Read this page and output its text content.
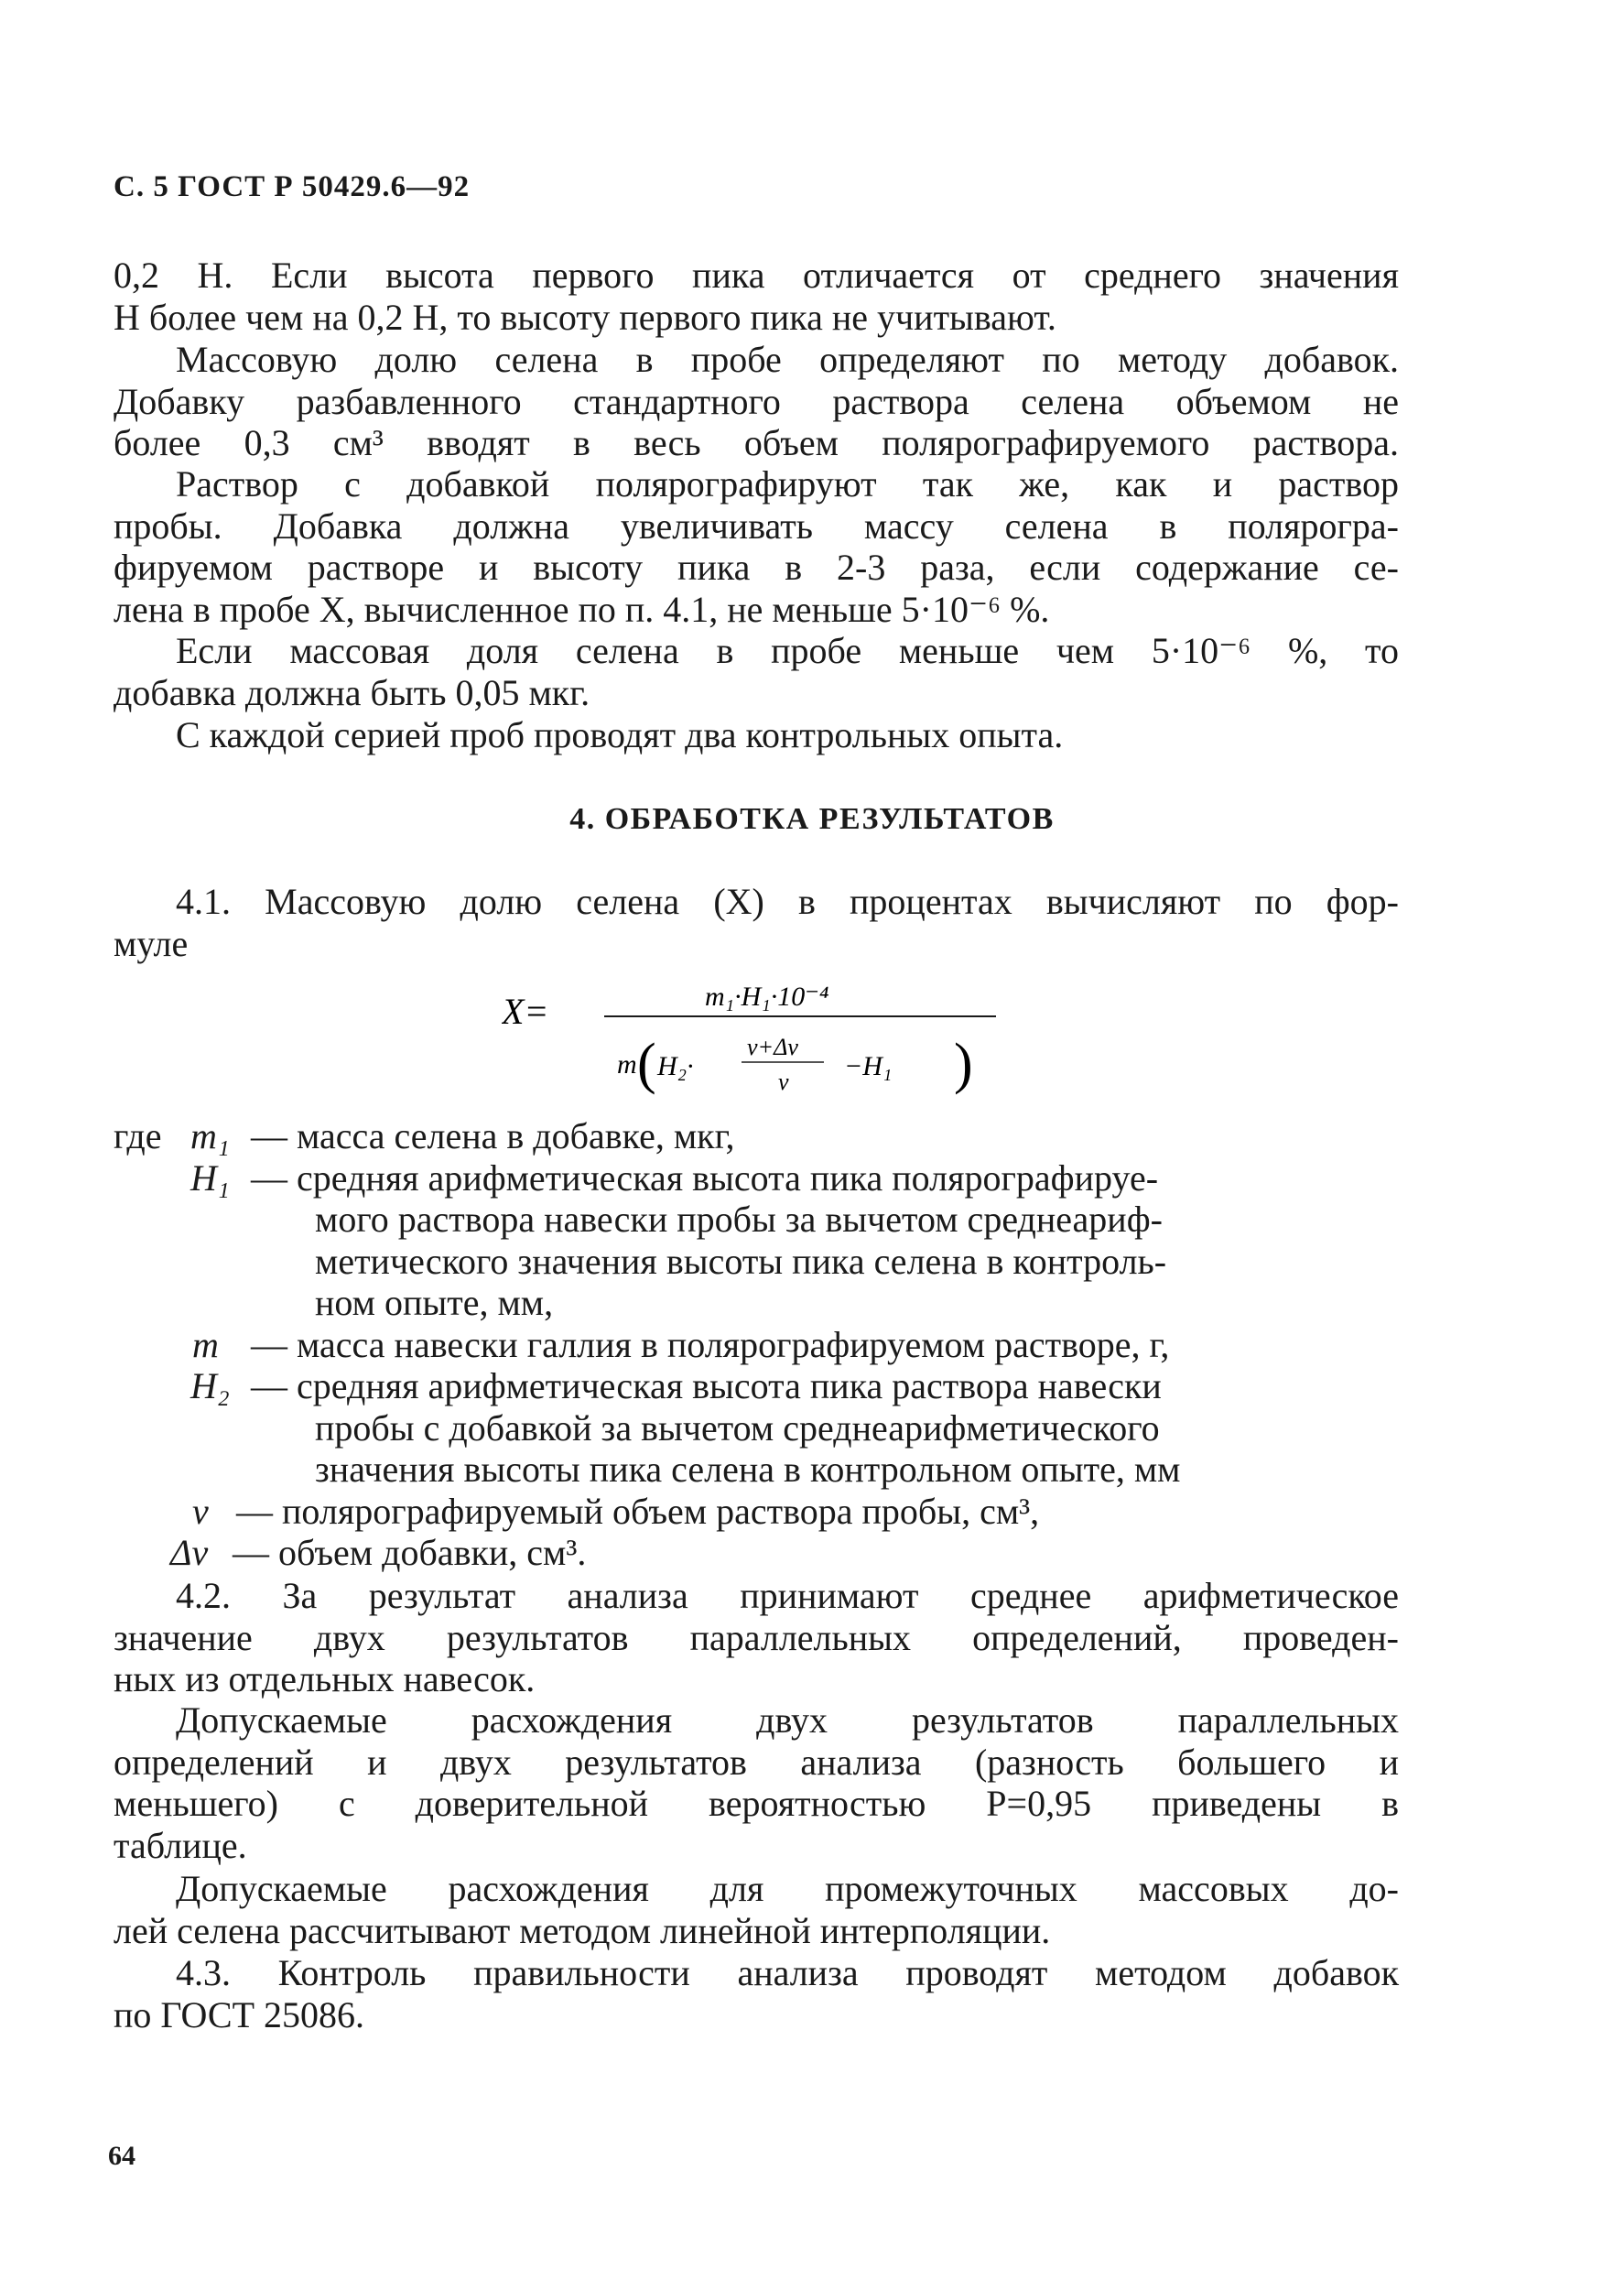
С. 5 ГОСТ Р 50429.6—92
0,2 H. Если высота первого пика отличается от среднего значения
H более чем на 0,2 H, то высоту первого пика не учитывают.
Массовую долю селена в пробе определяют по методу добавок.
Добавку разбавленного стандартного раствора селена объемом не
более 0,3 см³ вводят в весь объем полярографируемого раствора.
Раствор с добавкой полярографируют так же, как и раствор
пробы. Добавка должна увеличивать массу селена в полярогра-
фируемом растворе и высоту пика в 2-3 раза, если содержание се-
лена в пробе X, вычисленное по п. 4.1, не меньше 5·10⁻⁶ %.
Если массовая доля селена в пробе меньше чем 5·10⁻⁶ %, то
добавка должна быть 0,05 мкг.
С каждой серией проб проводят два контрольных опыта.
4. ОБРАБОТКА РЕЗУЛЬТАТОВ
4.1. Массовую долю селена (X) в процентах вычисляют по фор-
муле
X=	m₁·H₁·10⁻⁴
m ( H₂·
v+Δv
v
−H₁ )
где m₁ — масса селена в добавке, мкг,
H₁ — средняя арифметическая высота пика полярографируе-
мого раствора навески пробы за вычетом среднеариф-
метического значения высоты пика селена в контроль-
ном опыте, мм,
m — масса навески галлия в полярографируемом растворе, г,
H₂ — средняя арифметическая высота пика раствора навески
пробы с добавкой за вычетом среднеарифметического
значения высоты пика селена в контрольном опыте, мм
v — полярографируемый объем раствора пробы, см³,
Δv — объем добавки, см³.
4.2. За результат анализа принимают среднее арифметическое
значение двух результатов параллельных определений, проведен-
ных из отдельных навесок.
Допускаемые расхождения двух результатов параллельных
определений и двух результатов анализа (разность большего и
меньшего) с доверительной вероятностью P=0,95 приведены в
таблице.
Допускаемые расхождения для промежуточных массовых до-
лей селена рассчитывают методом линейной интерполяции.
4.3. Контроль правильности анализа проводят методом добавок
по ГОСТ 25086.
64
